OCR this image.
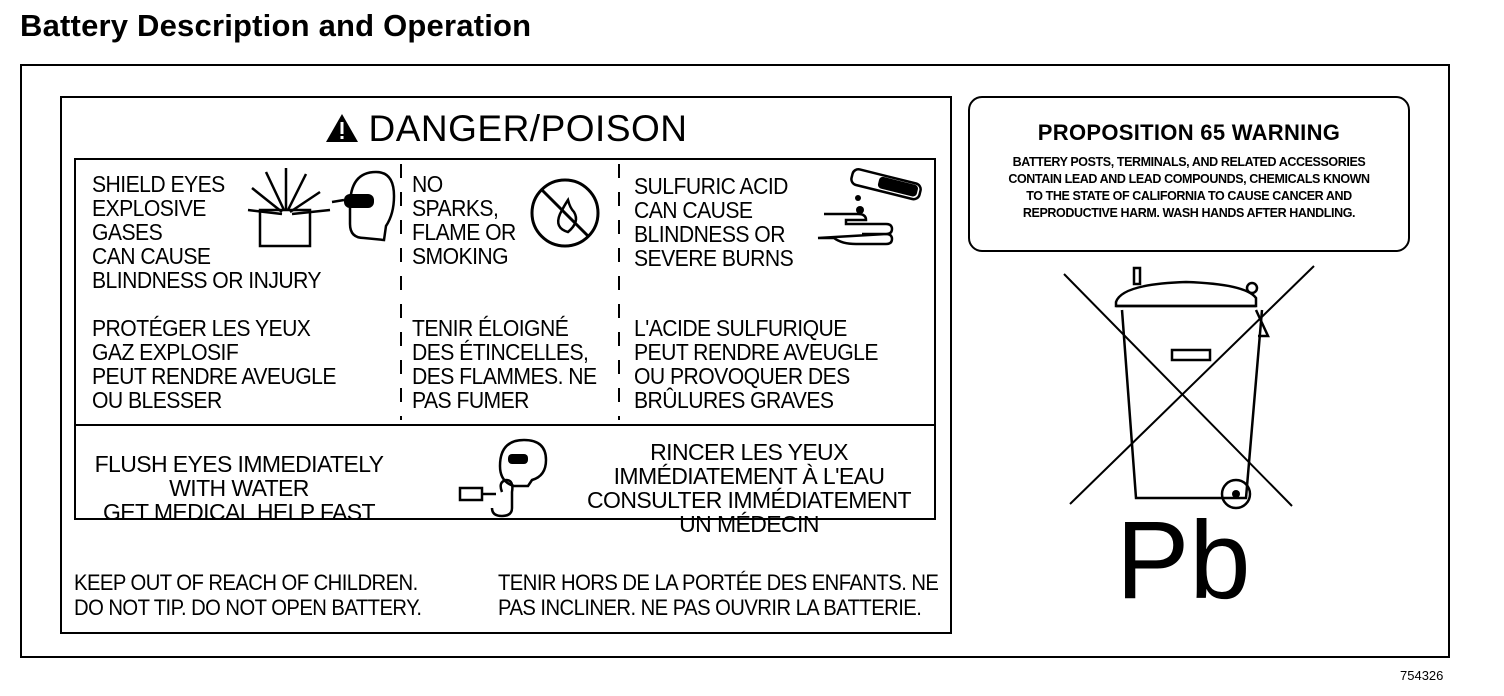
Battery Description and Operation
DANGER/POISON
SHIELD EYES
EXPLOSIVE
GASES
CAN CAUSE
BLINDNESS OR INJURY
PROTÉGER LES YEUX
GAZ EXPLOSIF
PEUT RENDRE AVEUGLE
OU BLESSER
NO
SPARKS,
FLAME OR
SMOKING
TENIR ÉLOIGNÉ
DES ÉTINCELLES,
DES FLAMMES. NE
PAS FUMER
SULFURIC ACID
CAN CAUSE
BLINDNESS OR
SEVERE BURNS
L'ACIDE SULFURIQUE
PEUT RENDRE AVEUGLE
OU PROVOQUER DES
BRÛLURES GRAVES
FLUSH EYES IMMEDIATELY
WITH WATER
GET MEDICAL HELP FAST
RINCER LES YEUX
IMMÉDIATEMENT À L'EAU
CONSULTER IMMÉDIATEMENT
UN MÉDECIN
KEEP OUT OF REACH OF CHILDREN.
DO NOT TIP. DO NOT OPEN BATTERY.
TENIR HORS DE LA PORTÉE DES ENFANTS. NE
PAS INCLINER. NE PAS OUVRIR LA BATTERIE.
PROPOSITION 65 WARNING
BATTERY POSTS, TERMINALS, AND RELATED ACCESSORIES
CONTAIN LEAD AND LEAD COMPOUNDS, CHEMICALS KNOWN
TO THE STATE OF CALIFORNIA TO CAUSE CANCER AND
REPRODUCTIVE HARM. WASH HANDS AFTER HANDLING.
Pb
754326
